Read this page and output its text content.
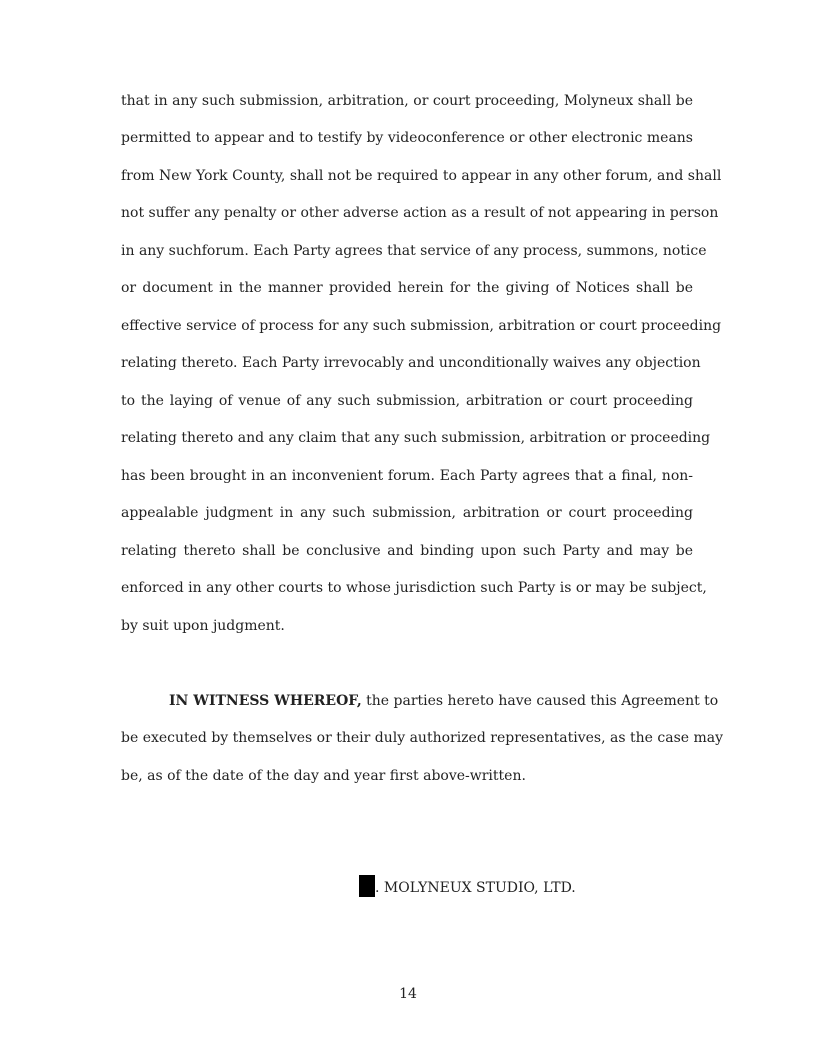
that in any such submission, arbitration, or court proceeding, Molyneux shall be
permitted to appear and to testify by videoconference or other electronic means
from New York County, shall not be required to appear in any other forum, and shall
not suffer any penalty or other adverse action as a result of not appearing in person
in any suchforum. Each Party agrees that service of any process, summons, notice
or document in the manner provided herein for the giving of Notices shall be
effective service of process for any such submission, arbitration or court proceeding
relating thereto. Each Party irrevocably and unconditionally waives any objection
to the laying of venue of any such submission, arbitration or court proceeding
relating thereto and any claim that any such submission, arbitration or proceeding
has been brought in an inconvenient forum. Each Party agrees that a final, non-
appealable judgment in any such submission, arbitration or court proceeding
relating thereto shall be conclusive and binding upon such Party and may be
enforced in any other courts to whose jurisdiction such Party is or may be subject,
by suit upon judgment.
IN WITNESS WHEREOF, the parties hereto have caused this Agreement to
be executed by themselves or their duly authorized representatives, as the case may
be, as of the date of the day and year first above-written.
. MOLYNEUX STUDIO, LTD.
14
